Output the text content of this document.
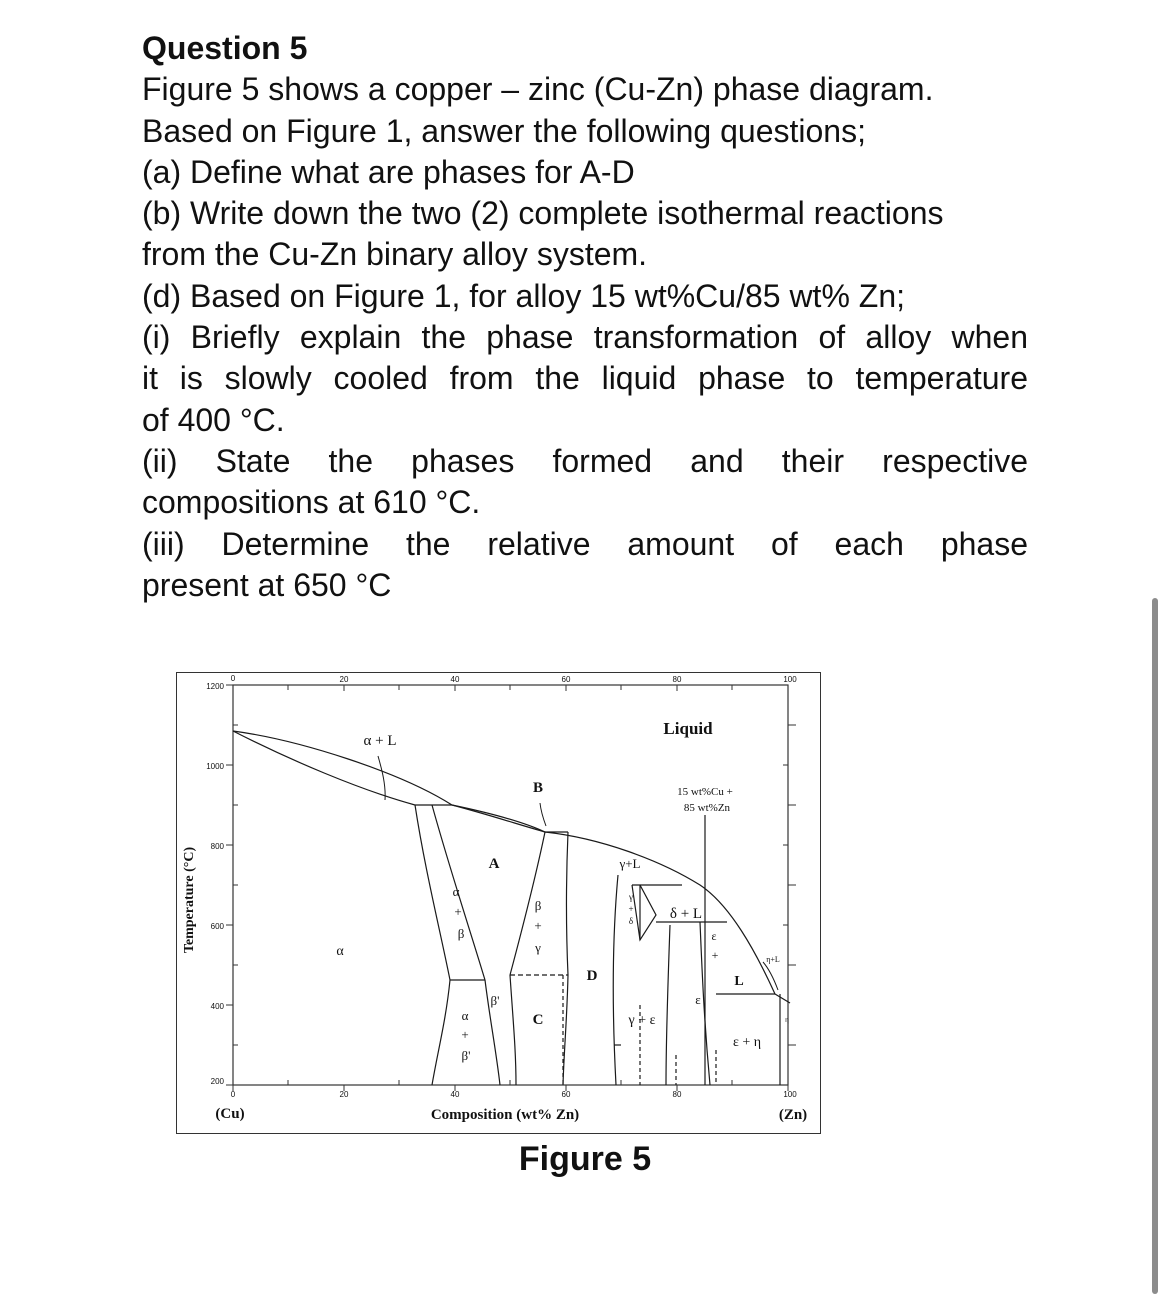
Question 5
Figure 5 shows a copper – zinc (Cu-Zn) phase diagram.
Based on Figure 1, answer the following questions;
(a) Define what are phases for A-D
(b) Write down the two (2) complete isothermal reactions
from the Cu-Zn binary alloy system.
(d) Based on Figure 1, for alloy 15 wt%Cu/85 wt% Zn;
(i) Briefly explain the phase transformation of alloy when
it is slowly cooled from the liquid phase to temperature
of 400 °C.
(ii) State the phases formed and their respective
compositions at 610 °C.
(iii) Determine the relative amount of each phase
present at 650 °C
1200
1000
800
600
400
200
0	20	40	60	80	100
0	20	40	60	80	100
Temperature (°C)
Composition (wt% Zn)
(Cu)	(Zn)
Liquid
α + L
α
A
B
C
D
γ+L
δ + L
γ + ε
ε
ε + η
L
η+L
β'
η
α
+
β
β
+
γ
α
+
β'
γ
+
δ
ε
+
15 wt%Cu +
85 wt%Zn
Figure 5
